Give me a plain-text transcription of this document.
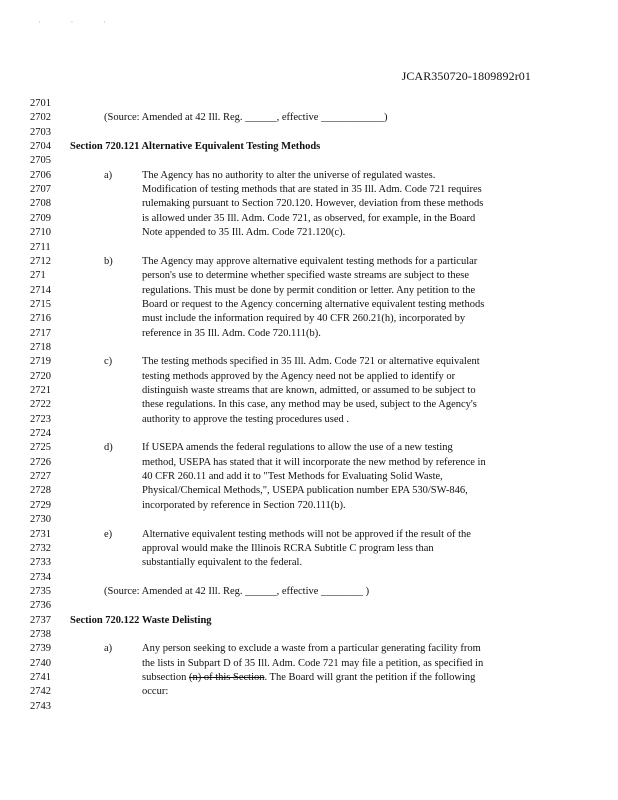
· · ·
JCAR350720-1809892r01
2701
2702	(Source: Amended at 42 Ill. Reg. ______, effective ____________)
2703
2704	Section 720.121 Alternative Equivalent Testing Methods
2705
2706	a)	The Agency has no authority to alter the universe of regulated wastes.
2707	Modification of testing methods that are stated in 35 Ill. Adm. Code 721 requires
2708	rulemaking pursuant to Section 720.120. However, deviation from these methods
2709	is allowed under 35 Ill. Adm. Code 721, as observed, for example, in the Board
2710	Note appended to 35 Ill. Adm. Code 721.120(c).
2711
2712	b)	The Agency may approve alternative equivalent testing methods for a particular
271	person's use to determine whether specified waste streams are subject to these
2714	regulations. This must be done by permit condition or letter. Any petition to the
2715	Board or request to the Agency concerning alternative equivalent testing methods
2716	must include the information required by 40 CFR 260.21(h), incorporated by
2717	reference in 35 Ill. Adm. Code 720.111(b).
2718
2719	c)	The testing methods specified in 35 Ill. Adm. Code 721 or alternative equivalent
2720	testing methods approved by the Agency need not be applied to identify or
2721	distinguish waste streams that are known, admitted, or assumed to be subject to
2722	these regulations. In this case, any method may be used, subject to the Agency's
2723	authority to approve the testing procedures used .
2724
2725	d)	If USEPA amends the federal regulations to allow the use of a new testing
2726	method, USEPA has stated that it will incorporate the new method by reference in
2727	40 CFR 260.11 and add it to "Test Methods for Evaluating Solid Waste,
2728	Physical/Chemical Methods,", USEPA publication number EPA 530/SW-846,
2729	incorporated by reference in Section 720.111(b).
2730
2731	e)	Alternative equivalent testing methods will not be approved if the result of the
2732	approval would make the Illinois RCRA Subtitle C program less than
2733	substantially equivalent to the federal.
2734
2735	(Source: Amended at 42 Ill. Reg. ______, effective ________ )
2736
2737	Section 720.122 Waste Delisting
2738
2739	a)	Any person seeking to exclude a waste from a particular generating facility from
2740	the lists in Subpart D of 35 Ill. Adm. Code 721 may file a petition, as specified in
2741	subsection (n) of this Section. The Board will grant the petition if the following
2742	occur:
2743
